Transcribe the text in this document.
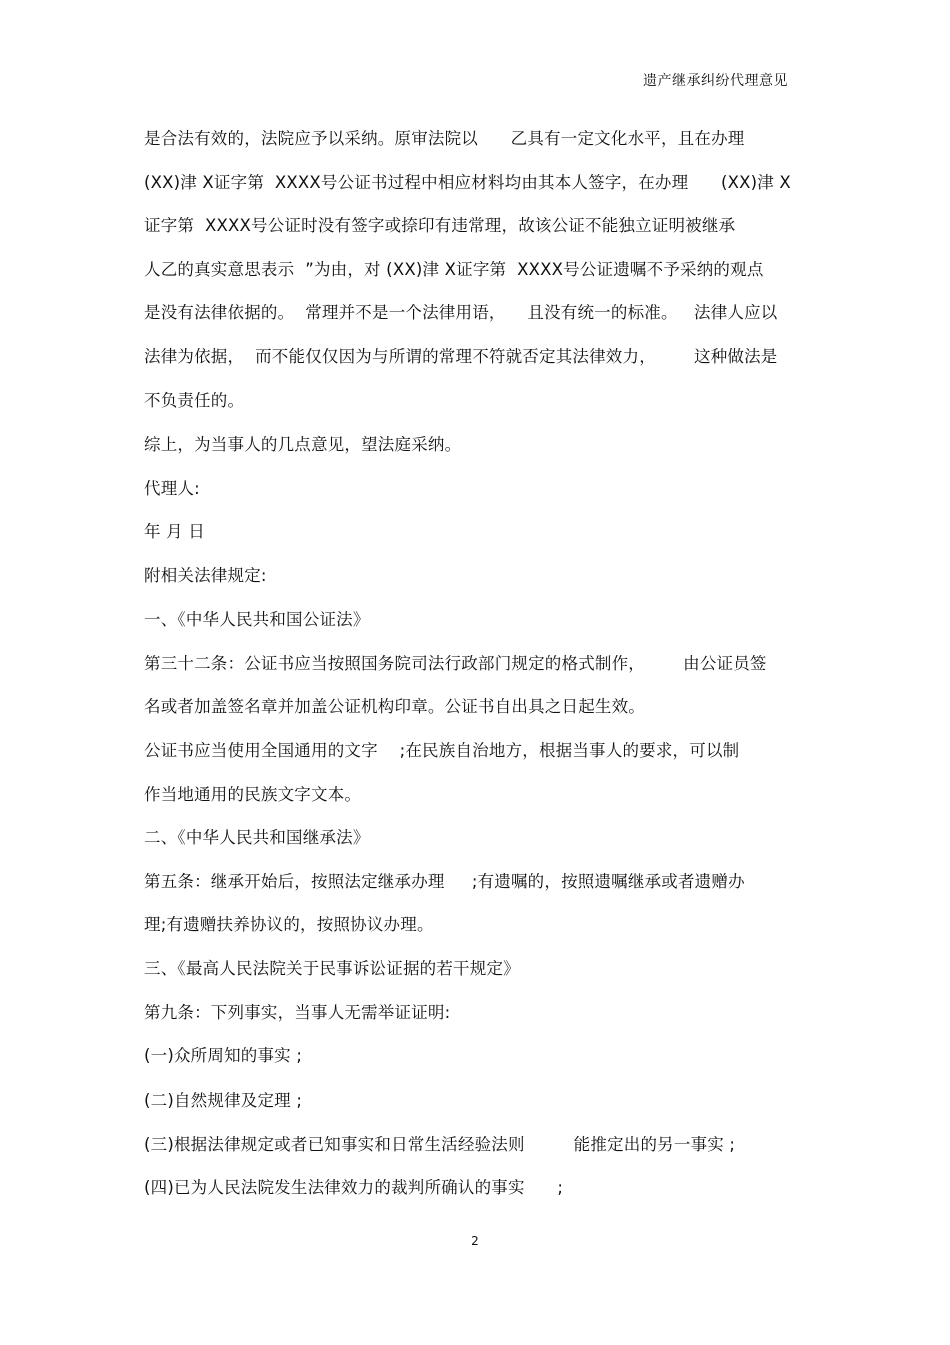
遗产继承纠纷代理意见
是合法有效的，法院应予以采纳。原审法院以      乙具有一定文化水平，且在办理
(XX)津 X证字第  XXXX号公证书过程中相应材料均由其本人签字，在办理      (XX)津 X
证字第  XXXX号公证时没有签字或捺印有违常理，故该公证不能独立证明被继承
人乙的真实意思表示  ”为由，对 (XX)津 X证字第  XXXX号公证遗嘱不予采纳的观点
是没有法律依据的。  常理并不是一个法律用语，    且没有统一的标准。   法律人应以
法律为依据，  而不能仅仅因为与所谓的常理不符就否定其法律效力，       这种做法是
不负责任的。
综上，为当事人的几点意见，望法庭采纳。
代理人:
年 月 日
附相关法律规定:
一、《中华人民共和国公证法》
第三十二条：公证书应当按照国务院司法行政部门规定的格式制作，       由公证员签
名或者加盖签名章并加盖公证机构印章。公证书自出具之日起生效。
公证书应当使用全国通用的文字    ;在民族自治地方，根据当事人的要求，可以制
作当地通用的民族文字文本。
二、《中华人民共和国继承法》
第五条：继承开始后，按照法定继承办理     ;有遗嘱的，按照遗嘱继承或者遗赠办
理;有遗赠扶养协议的，按照协议办理。
三、《最高人民法院关于民事诉讼证据的若干规定》
第九条：下列事实，当事人无需举证证明:
(一)众所周知的事实 ;
(二)自然规律及定理 ;
(三)根据法律规定或者已知事实和日常生活经验法则         能推定出的另一事实 ;
(四)已为人民法院发生法律效力的裁判所确认的事实      ;
2
